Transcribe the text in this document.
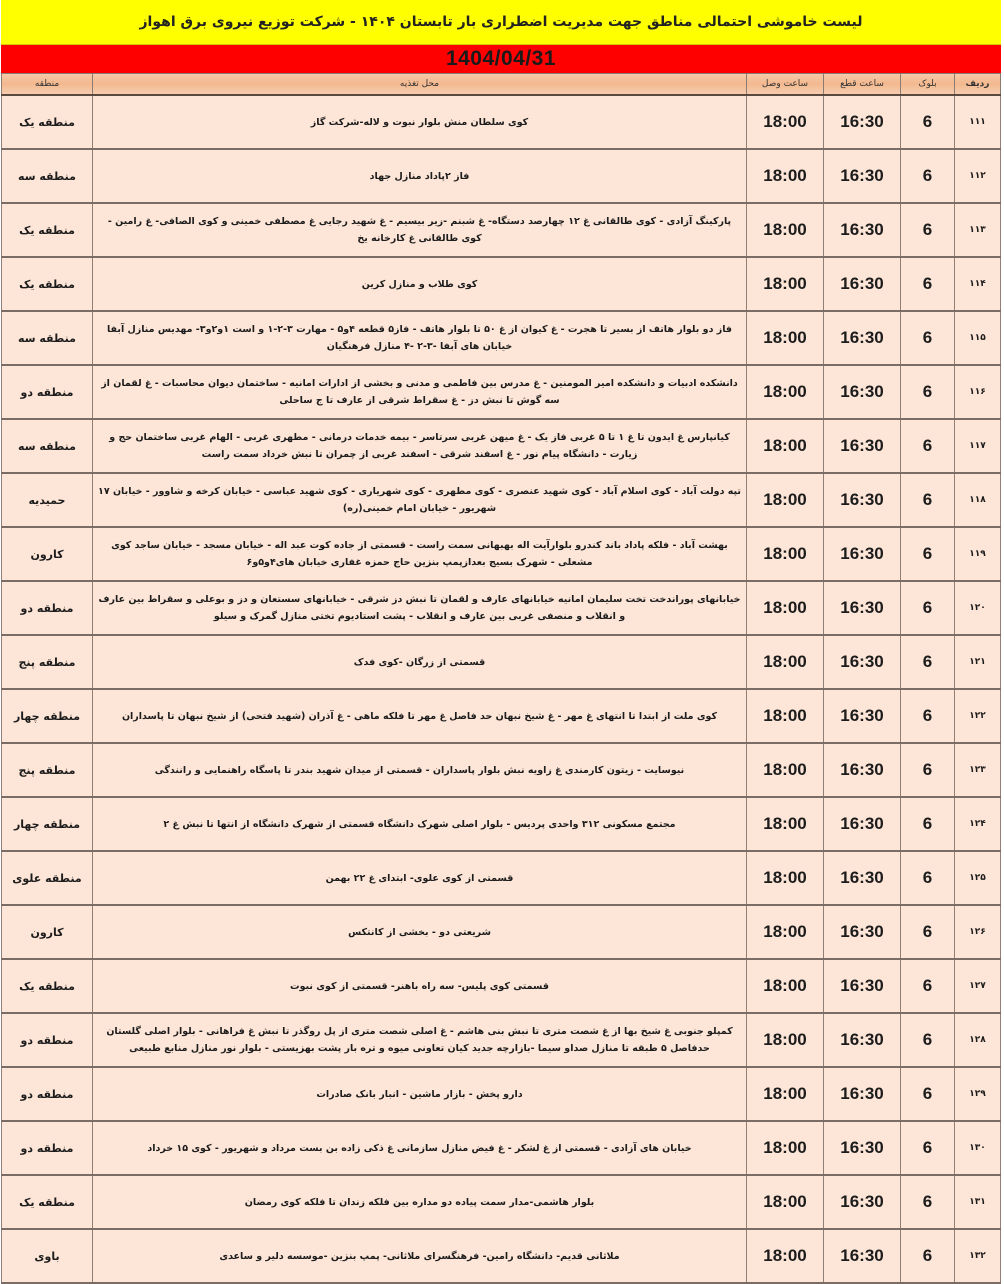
لیست خاموشی احتمالی مناطق جهت مدیریت اضطراری بار تابستان ۱۴۰۴ - شرکت توزیع نیروی برق اهواز
1404/04/31
ردیف	بلوک	ساعت قطع	ساعت وصل	محل تغذیه	منطقه
۱۱۱	6	16:30	18:00	کوی سلطان منش بلوار نبوت و لاله-شرکت گاز	منطقه یک
۱۱۲	6	16:30	18:00	فاز ۲پاداد منازل جهاد	منطقه سه
۱۱۳	6	16:30	18:00	پارکینگ آزادی - کوی طالقانی غ ۱۲ چهارصد دستگاه- غ شبنم -زیر بیسیم - غ شهید رجایی غ مصطفی خمینی و کوی الصافی- غ رامین - کوی طالقانی غ کارخانه یخ	منطقه یک
۱۱۴	6	16:30	18:00	کوی طلاب و منازل کرین	منطقه یک
۱۱۵	6	16:30	18:00	فاز دو بلوار هاتف از بسیر تا هجرت - غ کیوان از غ ۵۰ تا بلوار هاتف - فاز۵ قطعه ۴و۵ - مهارت ۳-۲-۱ و است ۱و۲و۳- مهدیس منازل آبفا خیابان های آبفا -۳-۲ -۴ منازل فرهنگیان	منطقه سه
۱۱۶	6	16:30	18:00	دانشکده ادبیات و دانشکده امیر المومنین - غ مدرس بین فاطمی و مدنی و بخشی از ادارات امانیه - ساختمان دیوان محاسبات - غ لقمان از سه گوش تا نبش دز - غ سقراط شرقی از عارف تا ج ساحلی	منطقه دو
۱۱۷	6	16:30	18:00	کیانپارس غ ایدون تا غ ۱ تا ۵ غربی فاز یک - غ میهن غربی سرتاسر - بیمه خدمات درمانی - مطهری غربی - الهام غربی ساختمان حج و زیارت - دانشگاه پیام نور - غ اسفند شرقی - اسفند غربی از چمران تا نبش خرداد سمت راست	منطقه سه
۱۱۸	6	16:30	18:00	تپه دولت آباد - کوی اسلام آباد - کوی شهید عنصری - کوی مطهری - کوی شهریاری - کوی شهید عباسی - خیابان کرخه و شاوور - خیابان ۱۷ شهریور - خیابان امام خمینی(ره)	حمیدیه
۱۱۹	6	16:30	18:00	بهشت آباد - فلکه پاداد باند کندرو بلوارآیت اله بهبهانی سمت راست - قسمتی از جاده کوت عبد اله - خیابان مسجد - خیابان ساجد کوی مشعلی - شهرک بسیج بعدازپمپ بنزین حاج حمزه غفاری خیابان های۴و۵و۶	کارون
۱۲۰	6	16:30	18:00	خیابانهای پوراندخت تخت سلیمان امانیه خیابانهای عارف و لقمان تا نبش دز شرقی - خیابانهای سستعان و دز و بوعلی و سقراط بین عارف و انقلاب و منصفی غربی بین عارف و انقلاب - پشت استادیوم تختی منازل گمرک و سیلو	منطقه دو
۱۲۱	6	16:30	18:00	قسمتی از زرگان -کوی فدک	منطقه پنج
۱۲۲	6	16:30	18:00	کوی ملت از ابتدا تا انتهای غ مهر - غ شیخ نبهان حد فاصل غ مهر تا فلکه ماهی - غ آذران (شهید فتحی) از شیخ نبهان تا پاسداران	منطقه چهار
۱۲۳	6	16:30	18:00	نیوسایت - زیتون کارمندی غ زاویه نبش بلوار پاسداران - قسمتی از میدان شهید بندر تا پاسگاه راهنمایی و رانندگی	منطقه پنج
۱۲۴	6	16:30	18:00	مجتمع مسکونی ۳۱۲ واحدی پردیس - بلوار اصلی شهرک دانشگاه قسمتی از شهرک دانشگاه از انتها تا نبش غ ۲	منطقه چهار
۱۲۵	6	16:30	18:00	قسمتی از کوی علوی- ابتدای غ ۲۲ بهمن	منطقه علوی
۱۲۶	6	16:30	18:00	شریعتی دو - بخشی از کانتکس	کارون
۱۲۷	6	16:30	18:00	قسمتی کوی پلیس- سه راه باهنر- قسمتی از کوی نبوت	منطقه یک
۱۲۸	6	16:30	18:00	کمپلو جنوبی غ شیخ بها از غ شصت متری تا نبش بنی هاشم - غ اصلی شصت متری از پل روگذر تا نبش غ فراهانی - بلوار اصلی گلستان حدفاصل ۵ طبقه تا منازل صداو سیما -بازارچه جدید کیان تعاونی میوه و تره بار پشت بهزیستی - بلوار نور منازل منابع طبیعی	منطقه دو
۱۲۹	6	16:30	18:00	دارو پخش - بازار ماشین - انبار بانک صادرات	منطقه دو
۱۳۰	6	16:30	18:00	خیابان های آزادی - قسمتی از غ لشکر - غ فیض منازل سازمانی غ ذکی زاده بن بست مرداد و شهریور - کوی ۱۵ خرداد	منطقه دو
۱۳۱	6	16:30	18:00	بلوار هاشمی-مدار سمت پیاده دو مداره بین فلکه زندان تا فلکه کوی رمضان	منطقه یک
۱۳۲	6	16:30	18:00	ملاثانی قدیم- دانشگاه رامین- فرهنگسرای ملاثانی- پمپ بنزین -موسسه دلیر و ساعدی	باوی
